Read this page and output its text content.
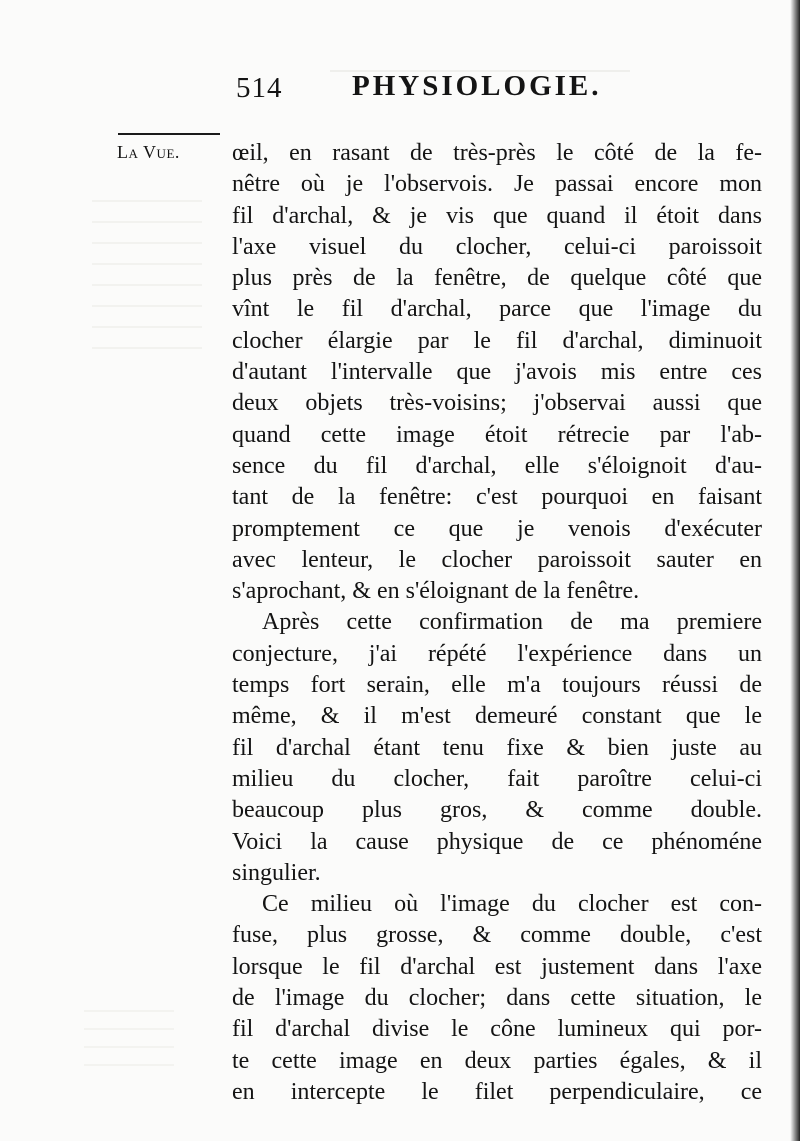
514 PHYSIOLOGIE.
La Vue. œil, en rasant de très-près le côté de la fe-
nêtre où je l'observois. Je passai encore mon
fil d'archal, & je vis que quand il étoit dans
l'axe visuel du clocher, celui-ci paroissoit
plus près de la fenêtre, de quelque côté que
vînt le fil d'archal, parce que l'image du
clocher élargie par le fil d'archal, diminuoit
d'autant l'intervalle que j'avois mis entre ces
deux objets très-voisins; j'observai aussi que
quand cette image étoit rétrecie par l'ab-
sence du fil d'archal, elle s'éloignoit d'au-
tant de la fenêtre: c'est pourquoi en faisant
promptement ce que je venois d'exécuter
avec lenteur, le clocher paroissoit sauter en
s'aprochant, & en s'éloignant de la fenêtre.
Après cette confirmation de ma premiere
conjecture, j'ai répété l'expérience dans un
temps fort serain, elle m'a toujours réussi de
même, & il m'est demeuré constant que le
fil d'archal étant tenu fixe & bien juste au
milieu du clocher, fait paroître celui-ci
beaucoup plus gros, & comme double.
Voici la cause physique de ce phénoméne
singulier.
Ce milieu où l'image du clocher est con-
fuse, plus grosse, & comme double, c'est
lorsque le fil d'archal est justement dans l'axe
de l'image du clocher; dans cette situation, le
fil d'archal divise le cône lumineux qui por-
te cette image en deux parties égales, & il
en intercepte le filet perpendiculaire, ce
